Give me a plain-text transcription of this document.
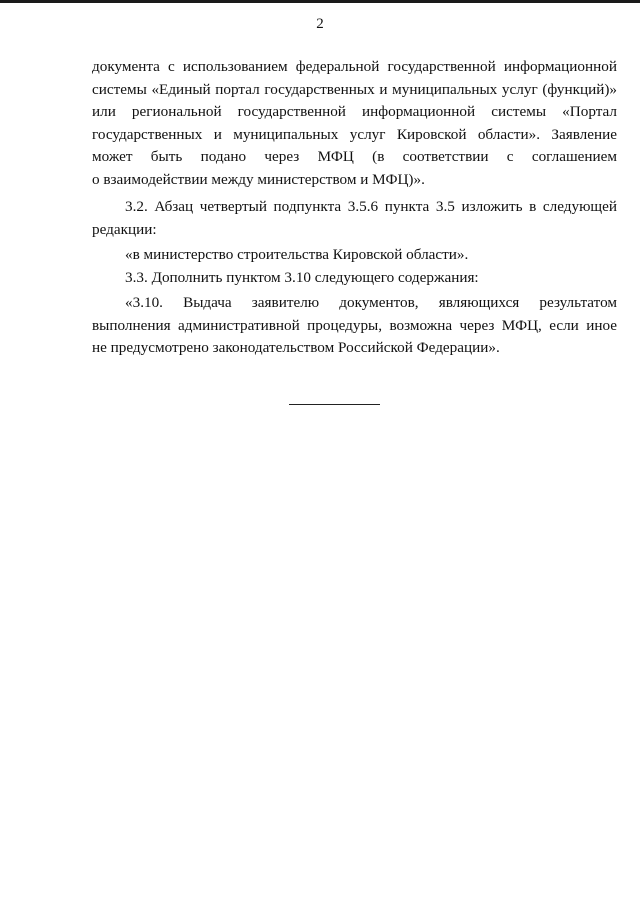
2
документа с использованием федеральной государственной информационной
системы «Единый портал государственных и муниципальных услуг (функций)»
или региональной государственной информационной системы «Портал
государственных и муниципальных услуг Кировской области». Заявление
может быть подано через МФЦ (в соответствии с соглашением
о взаимодействии между министерством и МФЦ)».
3.2. Абзац четвертый подпункта 3.5.6 пункта 3.5 изложить в следующей
редакции:
«в министерство строительства Кировской области».
3.3. Дополнить пунктом 3.10 следующего содержания:
«3.10. Выдача заявителю документов, являющихся результатом
выполнения административной процедуры, возможна через МФЦ, если иное
не предусмотрено законодательством Российской Федерации».
